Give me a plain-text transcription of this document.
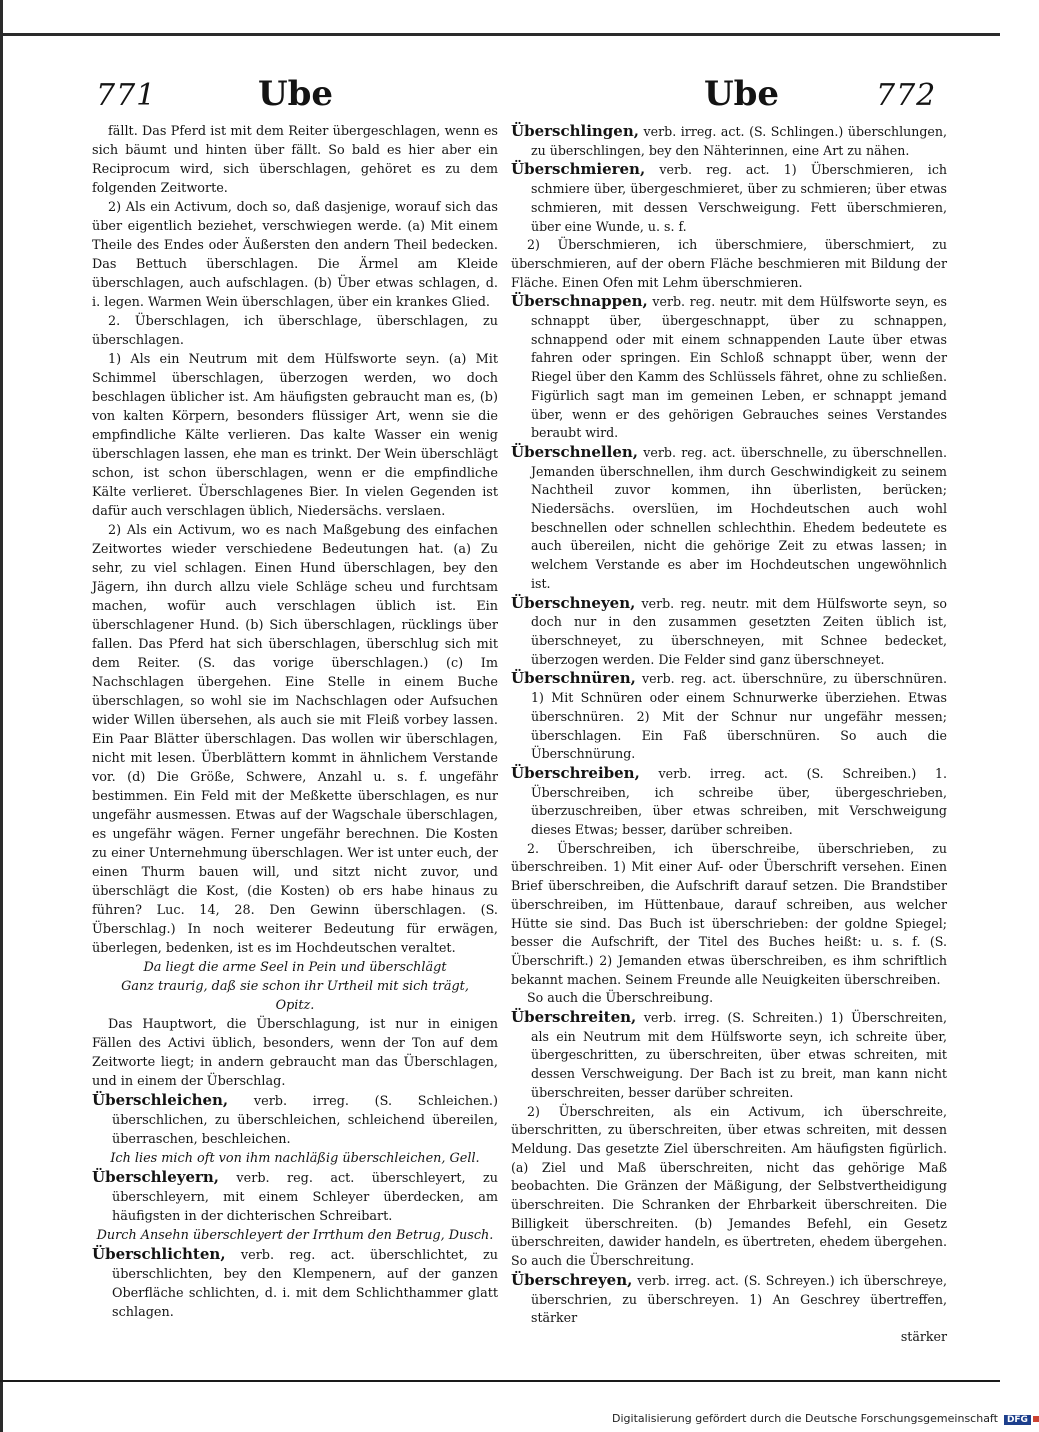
771	Ube	Ube	772

fällt. Das Pferd ist mit dem Reiter übergeschlagen, wenn es sich bäumt und hinten über fällt. So bald es hier aber ein Reciprocum wird, sich überschlagen, gehöret es zu dem folgenden Zeitworte.

2) Als ein Activum, doch so, daß dasjenige, worauf sich das über eigentlich beziehet, verschwiegen werde. (a) Mit einem Theile des Endes oder Äußersten den andern Theil bedecken. Das Bettuch überschlagen. Die Ärmel am Kleide überschlagen, auch aufschlagen. (b) Über etwas schlagen, d. i. legen. Warmen Wein überschlagen, über ein krankes Glied.

2. Überschlagen, ich überschlage, überschlagen, zu überschlagen.

1) Als ein Neutrum mit dem Hülfsworte seyn. (a) Mit Schimmel überschlagen, überzogen werden, wo doch beschlagen üblicher ist. Am häufigsten gebraucht man es, (b) von kalten Körpern, besonders flüssiger Art, wenn sie die empfindliche Kälte verlieren. Das kalte Wasser ein wenig überschlagen lassen, ehe man es trinkt. Der Wein überschlägt schon, ist schon überschlagen, wenn er die empfindliche Kälte verlieret. Überschlagenes Bier. In vielen Gegenden ist dafür auch verschlagen üblich, Niedersächs. verslaen.

2) Als ein Activum, wo es nach Maßgebung des einfachen Zeitwortes wieder verschiedene Bedeutungen hat. (a) Zu sehr, zu viel schlagen. Einen Hund überschlagen, bey den Jägern, ihn durch allzu viele Schläge scheu und furchtsam machen, wofür auch verschlagen üblich ist. Ein überschlagener Hund. (b) Sich überschlagen, rücklings über fallen. Das Pferd hat sich überschlagen, überschlug sich mit dem Reiter. (S. das vorige überschlagen.) (c) Im Nachschlagen übergehen. Eine Stelle in einem Buche überschlagen, so wohl sie im Nachschlagen oder Aufsuchen wider Willen übersehen, als auch sie mit Fleiß vorbey lassen. Ein Paar Blätter überschlagen. Das wollen wir überschlagen, nicht mit lesen. Überblättern kommt in ähnlichem Verstande vor. (d) Die Größe, Schwere, Anzahl u. s. f. ungefähr bestimmen. Ein Feld mit der Meßkette überschlagen, es nur ungefähr ausmessen. Etwas auf der Wagschale überschlagen, es ungefähr wägen. Ferner ungefähr berechnen. Die Kosten zu einer Unternehmung überschlagen. Wer ist unter euch, der einen Thurm bauen will, und sitzt nicht zuvor, und überschlägt die Kost, (die Kosten) ob ers habe hinaus zu führen? Luc. 14, 28. Den Gewinn überschlagen. (S. Überschlag.) In noch weiterer Bedeutung für erwägen, überlegen, bedenken, ist es im Hochdeutschen veraltet.

Da liegt die arme Seel in Pein und überschlägt

Ganz traurig, daß sie schon ihr Urtheil mit sich trägt,

Opitz.

Das Hauptwort, die Überschlagung, ist nur in einigen Fällen des Activi üblich, besonders, wenn der Ton auf dem Zeitworte liegt; in andern gebraucht man das Überschlagen, und in einem der Überschlag.

Überschleichen, verb. irreg. (S. Schleichen.) überschlichen, zu überschleichen, schleichend übereilen, überraschen, beschleichen.

Ich lies mich oft von ihm nachläßig überschleichen, Gell.

Überschleyern, verb. reg. act. überschleyert, zu überschleyern, mit einem Schleyer überdecken, am häufigsten in der dichterischen Schreibart.

Durch Ansehn überschleyert der Irrthum den Betrug, Dusch.

Überschlichten, verb. reg. act. überschlichtet, zu überschlichten, bey den Klempenern, auf der ganzen Oberfläche schlichten, d. i. mit dem Schlichthammer glatt schlagen.

Überschlingen, verb. irreg. act. (S. Schlingen.) überschlungen, zu überschlingen, bey den Nähterinnen, eine Art zu nähen.

Überschmieren, verb. reg. act. 1) Überschmieren, ich schmiere über, übergeschmieret, über zu schmieren; über etwas schmieren, mit dessen Verschweigung. Fett überschmieren, über eine Wunde, u. s. f.

2) Überschmieren, ich überschmiere, überschmiert, zu überschmieren, auf der obern Fläche beschmieren mit Bildung der Fläche. Einen Ofen mit Lehm überschmieren.

Überschnappen, verb. reg. neutr. mit dem Hülfsworte seyn, es schnappt über, übergeschnappt, über zu schnappen, schnappend oder mit einem schnappenden Laute über etwas fahren oder springen. Ein Schloß schnappt über, wenn der Riegel über den Kamm des Schlüssels fähret, ohne zu schließen. Figürlich sagt man im gemeinen Leben, er schnappt jemand über, wenn er des gehörigen Gebrauches seines Verstandes beraubt wird.

Überschnellen, verb. reg. act. überschnelle, zu überschnellen. Jemanden überschnellen, ihm durch Geschwindigkeit zu seinem Nachtheil zuvor kommen, ihn überlisten, berücken; Niedersächs. overslüen, im Hochdeutschen auch wohl beschnellen oder schnellen schlechthin. Ehedem bedeutete es auch übereilen, nicht die gehörige Zeit zu etwas lassen; in welchem Verstande es aber im Hochdeutschen ungewöhnlich ist.

Überschneyen, verb. reg. neutr. mit dem Hülfsworte seyn, so doch nur in den zusammen gesetzten Zeiten üblich ist, überschneyet, zu überschneyen, mit Schnee bedecket, überzogen werden. Die Felder sind ganz überschneyet.

Überschnüren, verb. reg. act. überschnüre, zu überschnüren. 1) Mit Schnüren oder einem Schnurwerke überziehen. Etwas überschnüren. 2) Mit der Schnur nur ungefähr messen; überschlagen. Ein Faß überschnüren. So auch die Überschnürung.

Überschreiben, verb. irreg. act. (S. Schreiben.) 1. Überschreiben, ich schreibe über, übergeschrieben, überzuschreiben, über etwas schreiben, mit Verschweigung dieses Etwas; besser, darüber schreiben.

2. Überschreiben, ich überschreibe, überschrieben, zu überschreiben. 1) Mit einer Auf- oder Überschrift versehen. Einen Brief überschreiben, die Aufschrift darauf setzen. Die Brandstiber überschreiben, im Hüttenbaue, darauf schreiben, aus welcher Hütte sie sind. Das Buch ist überschrieben: der goldne Spiegel; besser die Aufschrift, der Titel des Buches heißt: u. s. f. (S. Überschrift.) 2) Jemanden etwas überschreiben, es ihm schriftlich bekannt machen. Seinem Freunde alle Neuigkeiten überschreiben.

So auch die Überschreibung.

Überschreiten, verb. irreg. (S. Schreiten.) 1) Überschreiten, als ein Neutrum mit dem Hülfsworte seyn, ich schreite über, übergeschritten, zu überschreiten, über etwas schreiten, mit dessen Verschweigung. Der Bach ist zu breit, man kann nicht überschreiten, besser darüber schreiten.

2) Überschreiten, als ein Activum, ich überschreite, überschritten, zu überschreiten, über etwas schreiten, mit dessen Meldung. Das gesetzte Ziel überschreiten. Am häufigsten figürlich. (a) Ziel und Maß überschreiten, nicht das gehörige Maß beobachten. Die Gränzen der Mäßigung, der Selbstvertheidigung überschreiten. Die Schranken der Ehrbarkeit überschreiten. Die Billigkeit überschreiten. (b) Jemandes Befehl, ein Gesetz überschreiten, dawider handeln, es übertreten, ehedem übergehen. So auch die Überschreitung.

Überschreyen, verb. irreg. act. (S. Schreyen.) ich überschreye, überschrien, zu überschreyen. 1) An Geschrey übertreffen, stärker

stärker

Digitalisierung gefördert durch die Deutsche Forschungsgemeinschaft DFG
